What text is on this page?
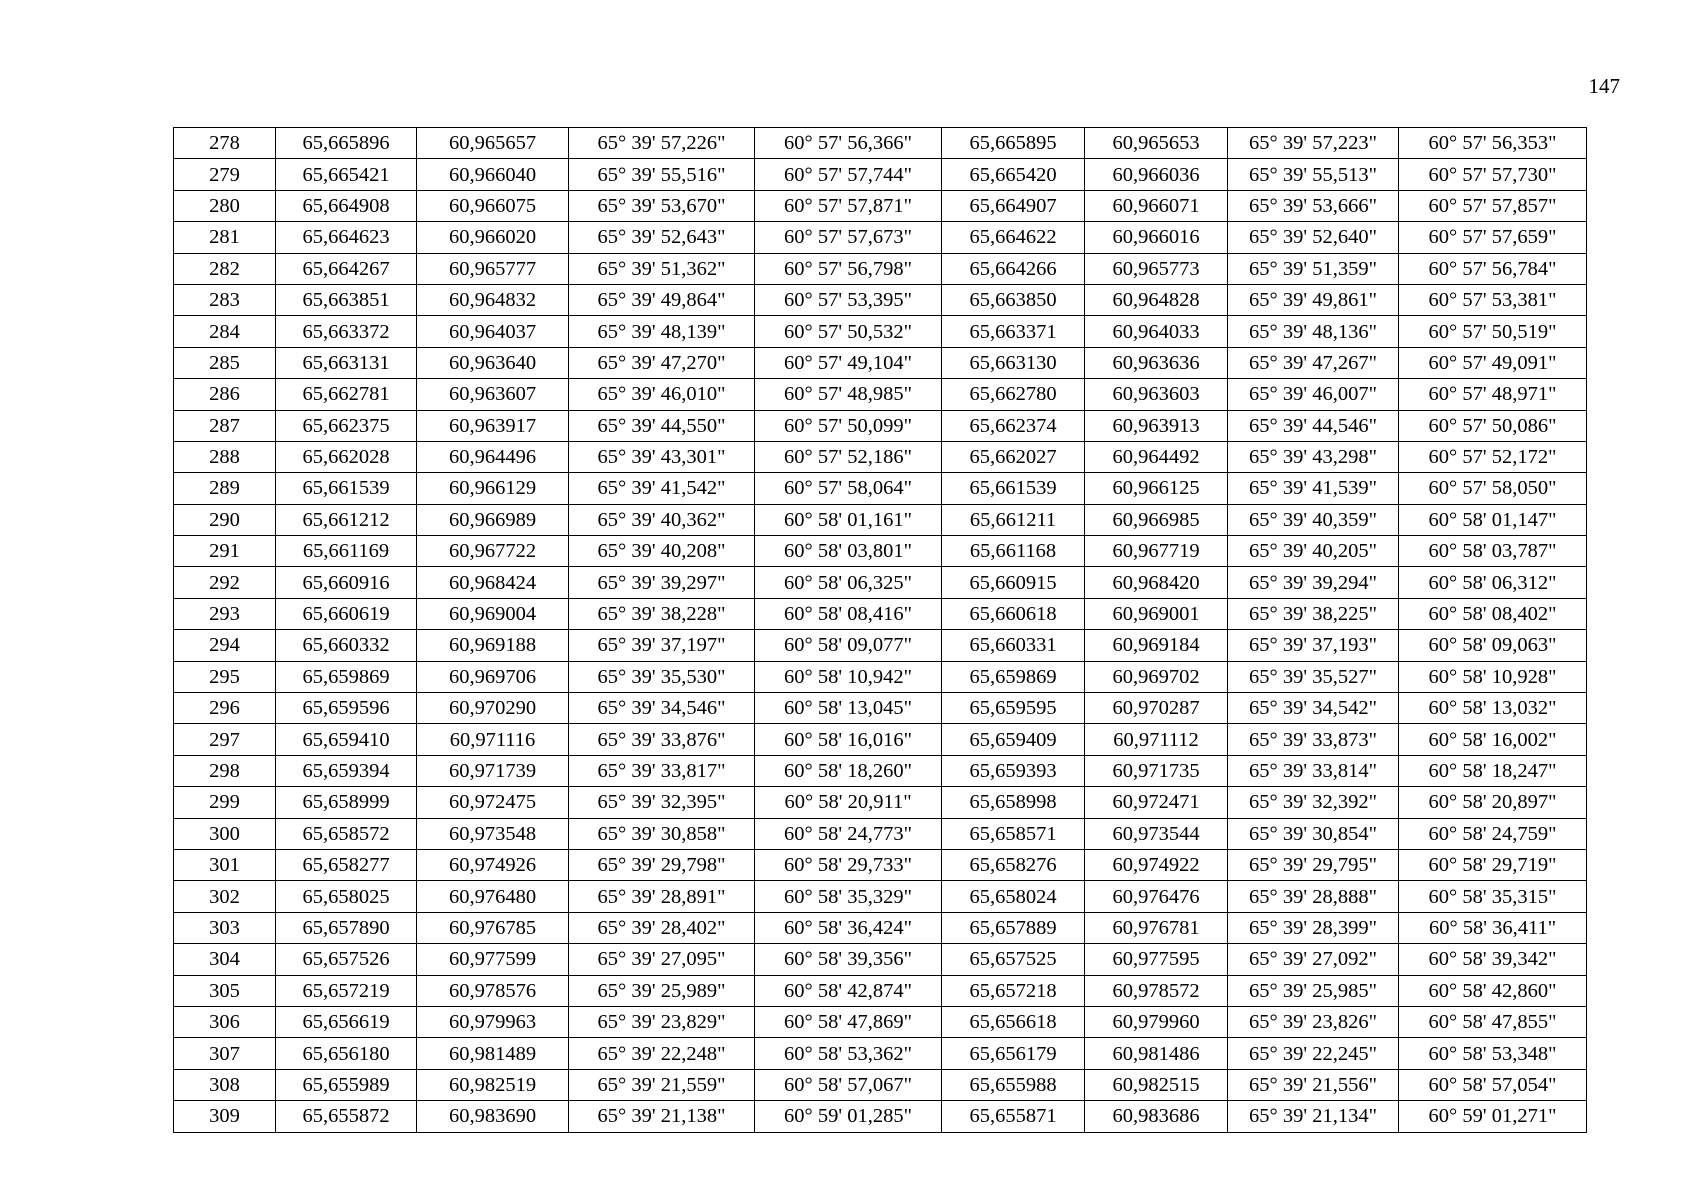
147
278	65,665896	60,965657	65° 39' 57,226"	60° 57' 56,366"	65,665895	60,965653	65° 39' 57,223"	60° 57' 56,353"
279	65,665421	60,966040	65° 39' 55,516"	60° 57' 57,744"	65,665420	60,966036	65° 39' 55,513"	60° 57' 57,730"
280	65,664908	60,966075	65° 39' 53,670"	60° 57' 57,871"	65,664907	60,966071	65° 39' 53,666"	60° 57' 57,857"
281	65,664623	60,966020	65° 39' 52,643"	60° 57' 57,673"	65,664622	60,966016	65° 39' 52,640"	60° 57' 57,659"
282	65,664267	60,965777	65° 39' 51,362"	60° 57' 56,798"	65,664266	60,965773	65° 39' 51,359"	60° 57' 56,784"
283	65,663851	60,964832	65° 39' 49,864"	60° 57' 53,395"	65,663850	60,964828	65° 39' 49,861"	60° 57' 53,381"
284	65,663372	60,964037	65° 39' 48,139"	60° 57' 50,532"	65,663371	60,964033	65° 39' 48,136"	60° 57' 50,519"
285	65,663131	60,963640	65° 39' 47,270"	60° 57' 49,104"	65,663130	60,963636	65° 39' 47,267"	60° 57' 49,091"
286	65,662781	60,963607	65° 39' 46,010"	60° 57' 48,985"	65,662780	60,963603	65° 39' 46,007"	60° 57' 48,971"
287	65,662375	60,963917	65° 39' 44,550"	60° 57' 50,099"	65,662374	60,963913	65° 39' 44,546"	60° 57' 50,086"
288	65,662028	60,964496	65° 39' 43,301"	60° 57' 52,186"	65,662027	60,964492	65° 39' 43,298"	60° 57' 52,172"
289	65,661539	60,966129	65° 39' 41,542"	60° 57' 58,064"	65,661539	60,966125	65° 39' 41,539"	60° 57' 58,050"
290	65,661212	60,966989	65° 39' 40,362"	60° 58' 01,161"	65,661211	60,966985	65° 39' 40,359"	60° 58' 01,147"
291	65,661169	60,967722	65° 39' 40,208"	60° 58' 03,801"	65,661168	60,967719	65° 39' 40,205"	60° 58' 03,787"
292	65,660916	60,968424	65° 39' 39,297"	60° 58' 06,325"	65,660915	60,968420	65° 39' 39,294"	60° 58' 06,312"
293	65,660619	60,969004	65° 39' 38,228"	60° 58' 08,416"	65,660618	60,969001	65° 39' 38,225"	60° 58' 08,402"
294	65,660332	60,969188	65° 39' 37,197"	60° 58' 09,077"	65,660331	60,969184	65° 39' 37,193"	60° 58' 09,063"
295	65,659869	60,969706	65° 39' 35,530"	60° 58' 10,942"	65,659869	60,969702	65° 39' 35,527"	60° 58' 10,928"
296	65,659596	60,970290	65° 39' 34,546"	60° 58' 13,045"	65,659595	60,970287	65° 39' 34,542"	60° 58' 13,032"
297	65,659410	60,971116	65° 39' 33,876"	60° 58' 16,016"	65,659409	60,971112	65° 39' 33,873"	60° 58' 16,002"
298	65,659394	60,971739	65° 39' 33,817"	60° 58' 18,260"	65,659393	60,971735	65° 39' 33,814"	60° 58' 18,247"
299	65,658999	60,972475	65° 39' 32,395"	60° 58' 20,911"	65,658998	60,972471	65° 39' 32,392"	60° 58' 20,897"
300	65,658572	60,973548	65° 39' 30,858"	60° 58' 24,773"	65,658571	60,973544	65° 39' 30,854"	60° 58' 24,759"
301	65,658277	60,974926	65° 39' 29,798"	60° 58' 29,733"	65,658276	60,974922	65° 39' 29,795"	60° 58' 29,719"
302	65,658025	60,976480	65° 39' 28,891"	60° 58' 35,329"	65,658024	60,976476	65° 39' 28,888"	60° 58' 35,315"
303	65,657890	60,976785	65° 39' 28,402"	60° 58' 36,424"	65,657889	60,976781	65° 39' 28,399"	60° 58' 36,411"
304	65,657526	60,977599	65° 39' 27,095"	60° 58' 39,356"	65,657525	60,977595	65° 39' 27,092"	60° 58' 39,342"
305	65,657219	60,978576	65° 39' 25,989"	60° 58' 42,874"	65,657218	60,978572	65° 39' 25,985"	60° 58' 42,860"
306	65,656619	60,979963	65° 39' 23,829"	60° 58' 47,869"	65,656618	60,979960	65° 39' 23,826"	60° 58' 47,855"
307	65,656180	60,981489	65° 39' 22,248"	60° 58' 53,362"	65,656179	60,981486	65° 39' 22,245"	60° 58' 53,348"
308	65,655989	60,982519	65° 39' 21,559"	60° 58' 57,067"	65,655988	60,982515	65° 39' 21,556"	60° 58' 57,054"
309	65,655872	60,983690	65° 39' 21,138"	60° 59' 01,285"	65,655871	60,983686	65° 39' 21,134"	60° 59' 01,271"
